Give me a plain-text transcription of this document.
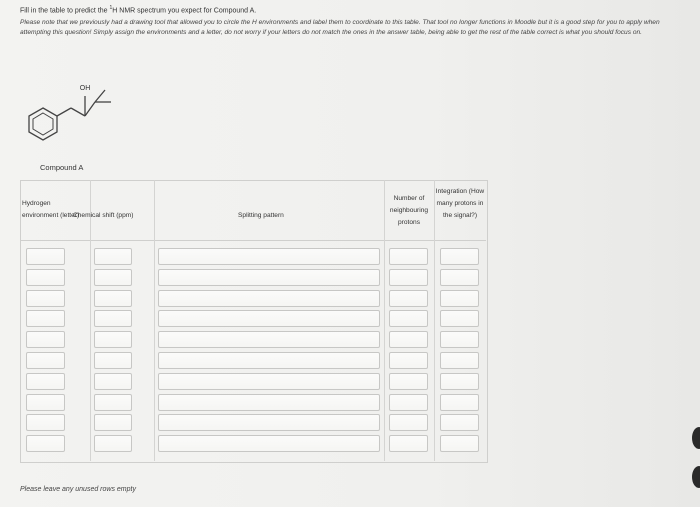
Fill in the table to predict the $^1$H NMR spectrum you expect for Compound A.
Please note that we previously had a drawing tool that allowed you to circle the H environments and label them to coordinate to this table. That tool no longer functions in Moodle but it is a good step for you to apply when attempting this question! Simply assign the environments and a letter, do not worry if your letters do not match the ones in the answer table, being able to get the rest of the table correct is what you should focus on.
OH
Compound A
Hydrogen environment (letter)
Chemical shift (ppm)	Splitting pattern
Number of neighbouring protons
Integration (How many protons in the signal?)
Please leave any unused rows empty
